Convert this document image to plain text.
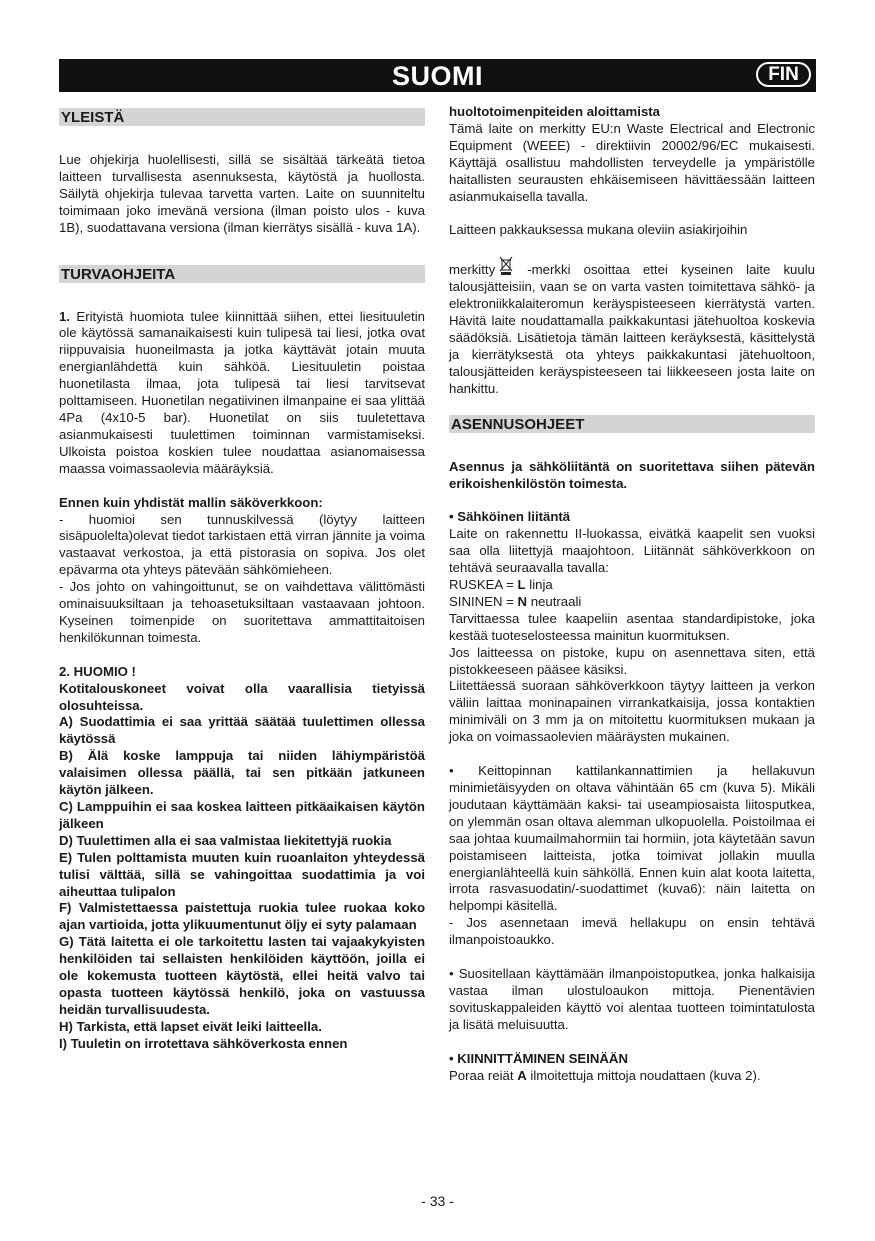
SUOMI	FIN
YLEISTÄ

Lue ohjekirja huolellisesti, sillä se sisältää tärkeätä tietoa laitteen turvallisesta asennuksesta, käytöstä ja huollosta. Säilytä ohjekirja tulevaa tarvetta varten. Laite on suunniteltu toimimaan joko imevänä versiona (ilman poisto ulos - kuva 1B), suodattavana versiona (ilman kierrätys sisällä - kuva 1A).

TURVAOHJEITA

1. Erityistä huomiota tulee kiinnittää siihen, ettei liesituuletin ole käytössä samanaikaisesti kuin tulipesä tai liesi, jotka ovat riippuvaisia huoneilmasta ja jotka käyttävät jotain muuta energianlähdettä kuin sähköä. Liesituuletin poistaa huonetilasta ilmaa, jota tulipesä tai liesi tarvitsevat polttamiseen. Huonetilan negatiivinen ilmanpaine ei saa ylittää 4Pa (4x10-5 bar). Huonetilat on siis tuuletettava asianmukaisesti tuulettimen toiminnan varmistamiseksi. Ulkoista poistoa koskien tulee noudattaa asianomaisessa maassa voimassaolevia määräyksiä.

Ennen kuin yhdistät mallin säköverkkoon:

- huomioi sen tunnuskilvessä (löytyy laitteen sisäpuolelta)olevat tiedot tarkistaen että virran jännite ja voima vastaavat verkostoa, ja että pistorasia on sopiva. Jos olet epävarma ota yhteys pätevään sähkömieheen.

- Jos johto on vahingoittunut, se on vaihdettava välittömästi ominaisuuksiltaan ja tehoasetuksiltaan vastaavaan johtoon. Kyseinen toimenpide on suoritettava ammattitaitoisen henkilökunnan toimesta.

2. HUOMIO !

Kotitalouskoneet voivat olla vaarallisia tietyissä olosuhteissa.

A) Suodattimia ei saa yrittää säätää tuulettimen ollessa käytössä

B) Älä koske lamppuja tai niiden lähiympäristöä valaisimen ollessa päällä, tai sen pitkään jatkuneen käytön jälkeen.

C) Lamppuihin ei saa koskea laitteen pitkäaikaisen käytön jälkeen

D) Tuulettimen alla ei saa valmistaa liekitettyjä ruokia

E) Tulen polttamista muuten kuin ruoanlaiton yhteydessä tulisi välttää, sillä se vahingoittaa suodattimia ja voi aiheuttaa tulipalon

F) Valmistettaessa paistettuja ruokia tulee ruokaa koko ajan vartioida, jotta ylikuumentunut öljy ei syty palamaan

G) Tätä laitetta ei ole tarkoitettu lasten tai vajaakykyisten henkilöiden tai sellaisten henkilöiden käyttöön, joilla ei ole kokemusta tuotteen käytöstä, ellei heitä valvo tai opasta tuotteen käytössä henkilö, joka on vastuussa heidän turvallisuudesta.

H) Tarkista, että lapset eivät leiki laitteella.

I) Tuuletin on irrotettava sähköverkosta ennen

huoltotoimenpiteiden aloittamista

Tämä laite on merkitty EU:n Waste Electrical and Electronic Equipment (WEEE) - direktiivin 20002/96/EC mukaisesti. Käyttäjä osallistuu mahdollisten terveydelle ja ympäristölle haitallisten seurausten ehkäisemiseen hävittäessään laitteen asianmukaisella tavalla.

Laitteen pakkauksessa mukana oleviin asiakirjoihin

merkitty -merkki osoittaa ettei kyseinen laite kuulu talousjätteisiin, vaan se on varta vasten toimitettava sähkö- ja elektroniikkalaiteromun keräyspisteeseen kierrätystä varten. Hävitä laite noudattamalla paikkakuntasi jätehuoltoa koskevia säädöksiä. Lisätietoja tämän laitteen keräyksestä, käsittelystä ja kierrätyksestä ota yhteys paikkakuntasi jätehuoltoon, talousjätteiden keräyspisteeseen tai liikkeeseen josta laite on hankittu.

ASENNUSOHJEET

Asennus ja sähköliitäntä on suoritettava siihen pätevän erikoishenkilöstön toimesta.

• Sähköinen liitäntä

Laite on rakennettu II-luokassa, eivätkä kaapelit sen vuoksi saa olla liitettyjä maajohtoon. Liitännät sähköverkkoon on tehtävä seuraavalla tavalla:

RUSKEA = L linja

SININEN = N neutraali

Tarvittaessa tulee kaapeliin asentaa standardipistoke, joka kestää tuoteselosteessa mainitun kuormituksen.

Jos laitteessa on pistoke, kupu on asennettava siten, että pistokkeeseen pääsee käsiksi.

Liitettäessä suoraan sähköverkkoon täytyy laitteen ja verkon väliin laittaa moninapainen virrankatkaisija, jossa kontaktien minimiväli on 3 mm ja on mitoitettu kuormituksen mukaan ja joka on voimassaolevien määräysten mukainen.

• Keittopinnan kattilankannattimien ja hellakuvun minimietäisyyden on oltava vähintään 65 cm (kuva 5). Mikäli joudutaan käyttämään kaksi- tai useampiosaista liitosputkea, on ylemmän osan oltava alemman ulkopuolella. Poistoilmaa ei saa johtaa kuumailmahormiin tai hormiin, jota käytetään savun poistamiseen laitteista, jotka toimivat jollakin muulla energianlähteellä kuin sähköllä. Ennen kuin alat koota laitetta, irrota rasvasuodatin/-suodattimet (kuva6): näin laitetta on helpompi käsitellä.

- Jos asennetaan imevä hellakupu on ensin tehtävä ilmanpoistoaukko.

• Suositellaan käyttämään ilmanpoistoputkea, jonka halkaisija vastaa ilman ulostuloaukon mittoja. Pienentävien sovituskappaleiden käyttö voi alentaa tuotteen toimintatulosta ja lisätä meluisuutta.

• KIINNITTÄMINEN SEINÄÄN

Poraa reiät A ilmoitettuja mittoja noudattaen (kuva 2).

- 33 -
